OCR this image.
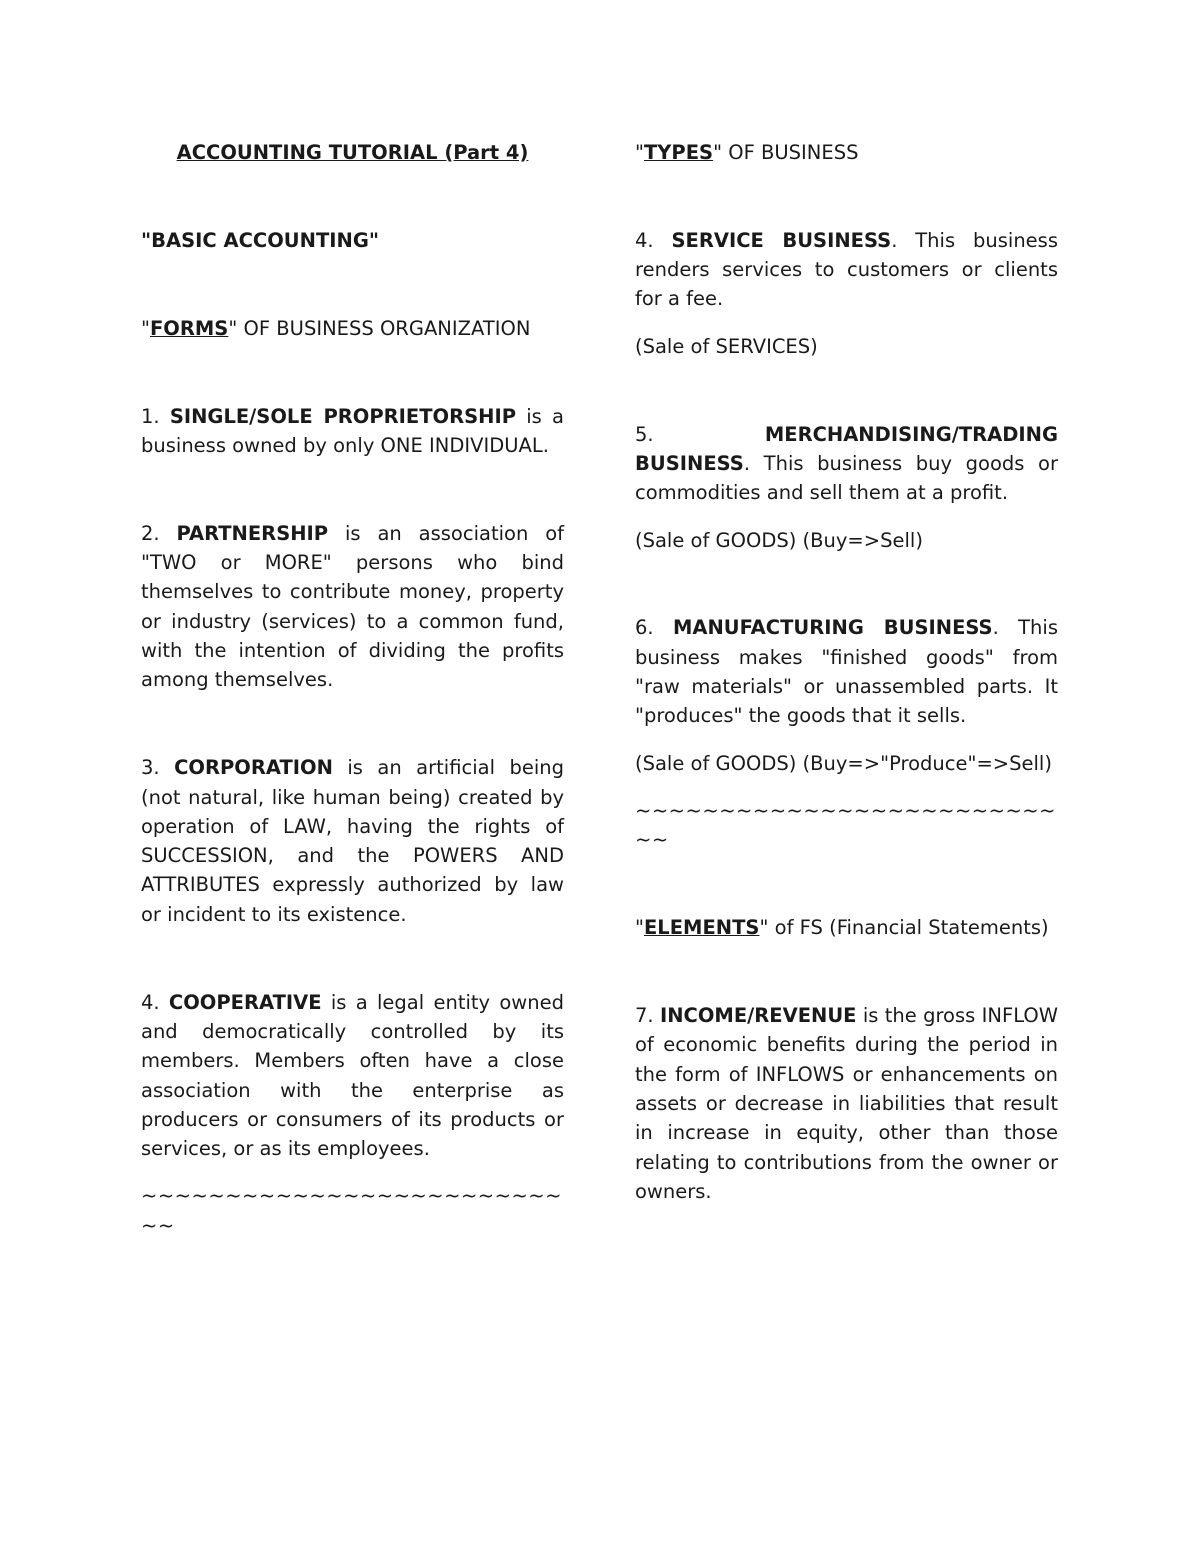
ACCOUNTING TUTORIAL (Part 4)

"BASIC ACCOUNTING"

"FORMS" OF BUSINESS ORGANIZATION

1. SINGLE/SOLE PROPRIETORSHIP is a business owned by only ONE INDIVIDUAL.

2. PARTNERSHIP is an association of "TWO or MORE" persons who bind themselves to contribute money, property or industry (services) to a common fund, with the intention of dividing the profits among themselves.

3. CORPORATION is an artificial being (not natural, like human being) created by operation of LAW, having the rights of SUCCESSION, and the POWERS AND ATTRIBUTES expressly authorized by law or incident to its existence.

4. COOPERATIVE is a legal entity owned and democratically controlled by its members. Members often have a close association with the enterprise as producers or consumers of its products or services, or as its employees.

~~~~~~~~~~~~~~~~~~~~~~~~~~~

"TYPES" OF BUSINESS

4. SERVICE BUSINESS. This business renders services to customers or clients for a fee.

(Sale of SERVICES)

5. MERCHANDISING/TRADING BUSINESS. This business buy goods or commodities and sell them at a profit.

(Sale of GOODS) (Buy=>Sell)

6. MANUFACTURING BUSINESS. This business makes "finished goods" from "raw materials" or unassembled parts. It "produces" the goods that it sells.

(Sale of GOODS) (Buy=>"Produce"=>Sell)

~~~~~~~~~~~~~~~~~~~~~~~~~~~

"ELEMENTS" of FS (Financial Statements)

7. INCOME/REVENUE is the gross INFLOW of economic benefits during the period in the form of INFLOWS or enhancements on assets or decrease in liabilities that result in increase in equity, other than those relating to contributions from the owner or owners.
